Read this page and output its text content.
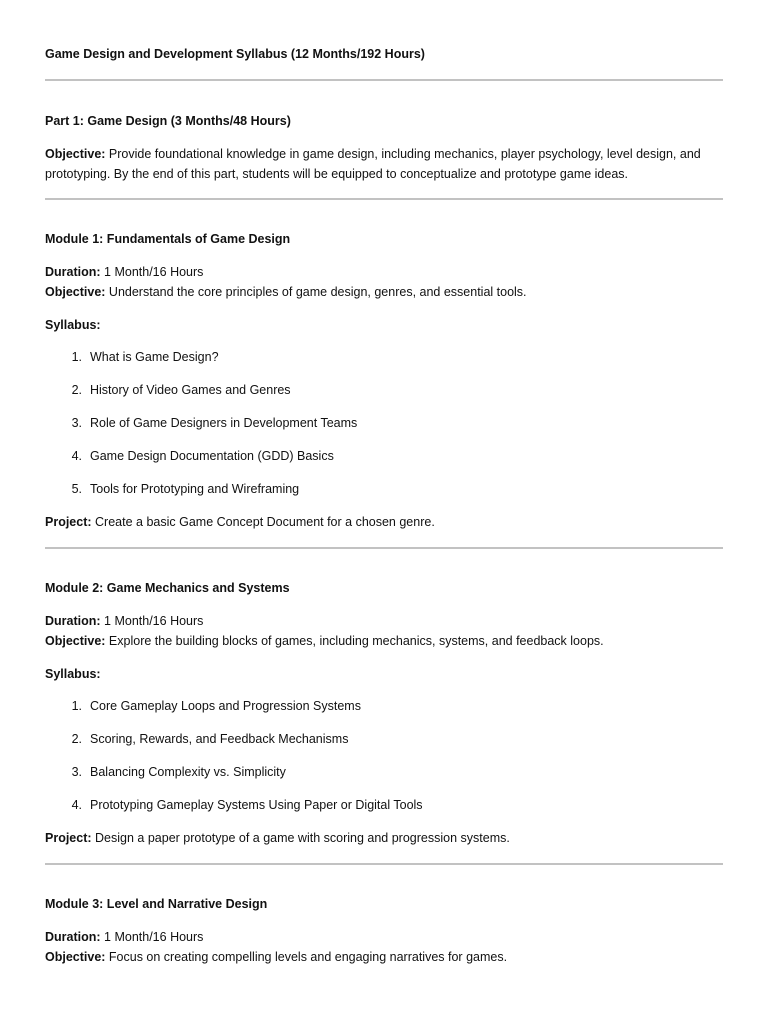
Game Design and Development Syllabus (12 Months/192 Hours)
Part 1: Game Design (3 Months/48 Hours)
Objective: Provide foundational knowledge in game design, including mechanics, player psychology, level design, and prototyping. By the end of this part, students will be equipped to conceptualize and prototype game ideas.
Module 1: Fundamentals of Game Design
Duration: 1 Month/16 Hours
Objective: Understand the core principles of game design, genres, and essential tools.
Syllabus:
1. What is Game Design?
2. History of Video Games and Genres
3. Role of Game Designers in Development Teams
4. Game Design Documentation (GDD) Basics
5. Tools for Prototyping and Wireframing
Project: Create a basic Game Concept Document for a chosen genre.
Module 2: Game Mechanics and Systems
Duration: 1 Month/16 Hours
Objective: Explore the building blocks of games, including mechanics, systems, and feedback loops.
Syllabus:
1. Core Gameplay Loops and Progression Systems
2. Scoring, Rewards, and Feedback Mechanisms
3. Balancing Complexity vs. Simplicity
4. Prototyping Gameplay Systems Using Paper or Digital Tools
Project: Design a paper prototype of a game with scoring and progression systems.
Module 3: Level and Narrative Design
Duration: 1 Month/16 Hours
Objective: Focus on creating compelling levels and engaging narratives for games.
